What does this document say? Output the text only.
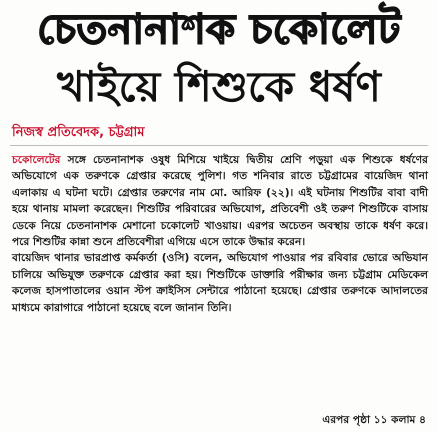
চেতনানাশক চকোলেট
খাইয়ে শিশুকে ধর্ষণ
নিজস্ব প্রতিবেদক, চট্টগ্রাম

চকোলেটের সঙ্গে চেতনানাশক ওষুধ মিশিয়ে খাইয়ে দ্বিতীয় শ্রেণি পড়ুয়া এক শিশুকে ধর্ষণের অভিযোগে এক তরুণকে গ্রেপ্তার করেছে পুলিশ। গত শনিবার রাতে চট্টগ্রামের বায়েজিদ থানা এলাকায় এ ঘটনা ঘটে। গ্রেপ্তার তরুণের নাম মো. আরিফ (২২)। এই ঘটনায় শিশুটির বাবা বাদী হয়ে থানায় মামলা করেছেন। শিশুটির পরিবারের অভিযোগ, প্রতিবেশী ওই তরুণ শিশুটিকে বাসায় ডেকে নিয়ে চেতনানাশক মেশানো চকোলেট খাওয়ায়। এরপর অচেতন অবস্থায় তাকে ধর্ষণ করে। পরে শিশুটির কান্না শুনে প্রতিবেশীরা এগিয়ে এসে তাকে উদ্ধার করেন।

বায়েজিদ থানার ভারপ্রাপ্ত কর্মকর্তা (ওসি) বলেন, অভিযোগ পাওয়ার পর রবিবার ভোরে অভিযান চালিয়ে অভিযুক্ত তরুণকে গ্রেপ্তার করা হয়। শিশুটিকে ডাক্তারি পরীক্ষার জন্য চট্টগ্রাম মেডিকেল কলেজ হাসপাতালের ওয়ান স্টপ ক্রাইসিস সেন্টারে পাঠানো হয়েছে। গ্রেপ্তার তরুণকে আদালতের মাধ্যমে কারাগারে পাঠানো হয়েছে বলে জানান তিনি।

এরপর পৃষ্ঠা ১১ কলাম ৪
